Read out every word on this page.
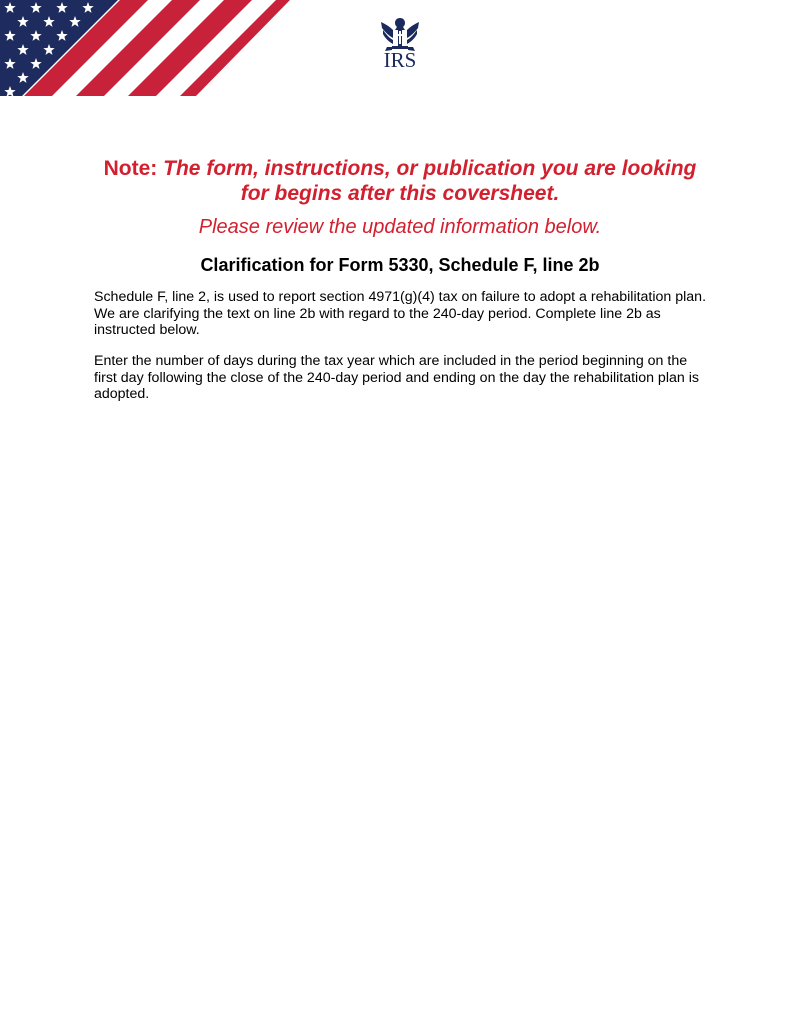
IRS
Note: The form, instructions, or publication you are looking
for begins after this coversheet.
Please review the updated information below.
Clarification for Form 5330, Schedule F, line 2b

Schedule F, line 2, is used to report section 4971(g)(4) tax on failure to adopt a rehabilitation plan. We are clarifying the text on line 2b with regard to the 240-day period. Complete line 2b as instructed below.

Enter the number of days during the tax year which are included in the period beginning on the first day following the close of the 240-day period and ending on the day the rehabilitation plan is adopted.
